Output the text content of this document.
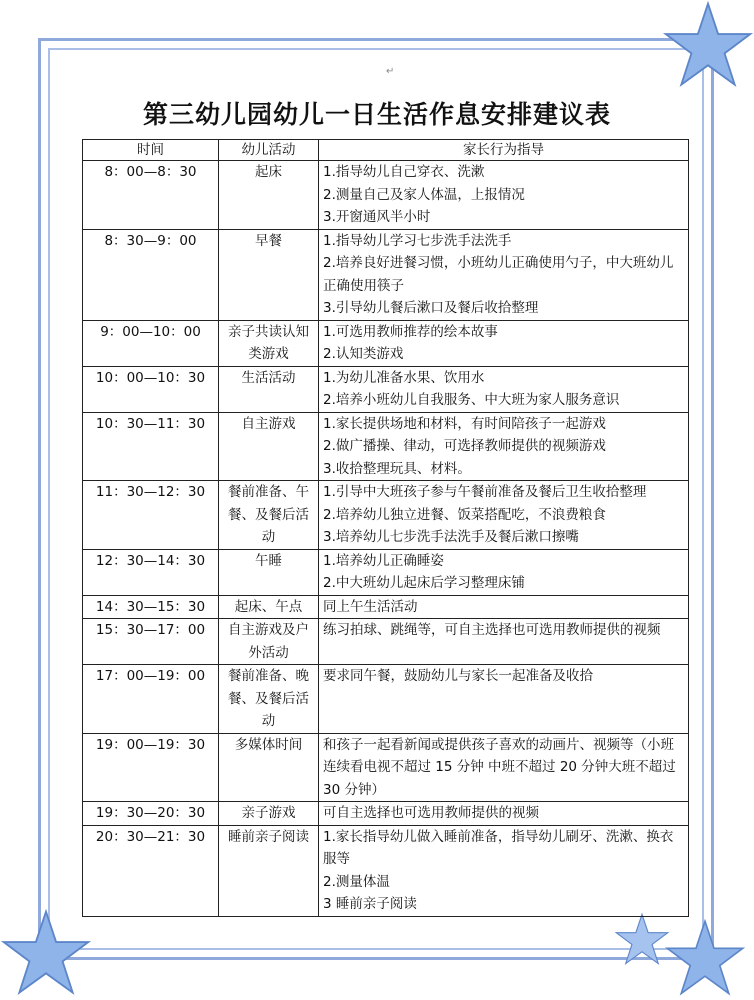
↵
第三幼儿园幼儿一日生活作息安排建议表
时间	幼儿活动	家长行为指导
8：00—8：30	起床	1.指导幼儿自己穿衣、洗漱
2.测量自己及家人体温，上报情况
3.开窗通风半小时

8：30—9：00	早餐	1.指导幼儿学习七步洗手法洗手
2.培养良好进餐习惯，小班幼儿正确使用勺子，中大班幼儿正确使用筷子
3.引导幼儿餐后漱口及餐后收拾整理

9：00—10：00	亲子共读认知类游戏	1.可选用教师推荐的绘本故事
2.认知类游戏

10：00—10：30	生活活动	1.为幼儿准备水果、饮用水
2.培养小班幼儿自我服务、中大班为家人服务意识

10：30—11：30	自主游戏	1.家长提供场地和材料，有时间陪孩子一起游戏
2.做广播操、律动，可选择教师提供的视频游戏
3.收拾整理玩具、材料。

11：30—12：30	餐前准备、午餐、及餐后活动	1.引导中大班孩子参与午餐前准备及餐后卫生收拾整理
2.培养幼儿独立进餐、饭菜搭配吃，不浪费粮食
3.培养幼儿七步洗手法洗手及餐后漱口擦嘴

12：30—14：30	午睡	1.培养幼儿正确睡姿
2.中大班幼儿起床后学习整理床铺

14：30—15：30	起床、午点	同上午生活活动

15：30—17：00	自主游戏及户外活动	练习拍球、跳绳等，可自主选择也可选用教师提供的视频

17：00—19：00	餐前准备、晚餐、及餐后活动	要求同午餐，鼓励幼儿与家长一起准备及收拾

19：00—19：30	多媒体时间	和孩子一起看新闻或提供孩子喜欢的动画片、视频等（小班连续看电视不超过 15 分钟 中班不超过 20 分钟大班不超过 30 分钟）

19：30—20：30	亲子游戏	可自主选择也可选用教师提供的视频

20：30—21：30	睡前亲子阅读	1.家长指导幼儿做入睡前准备，指导幼儿刷牙、洗漱、换衣服等
2.测量体温
3 睡前亲子阅读
